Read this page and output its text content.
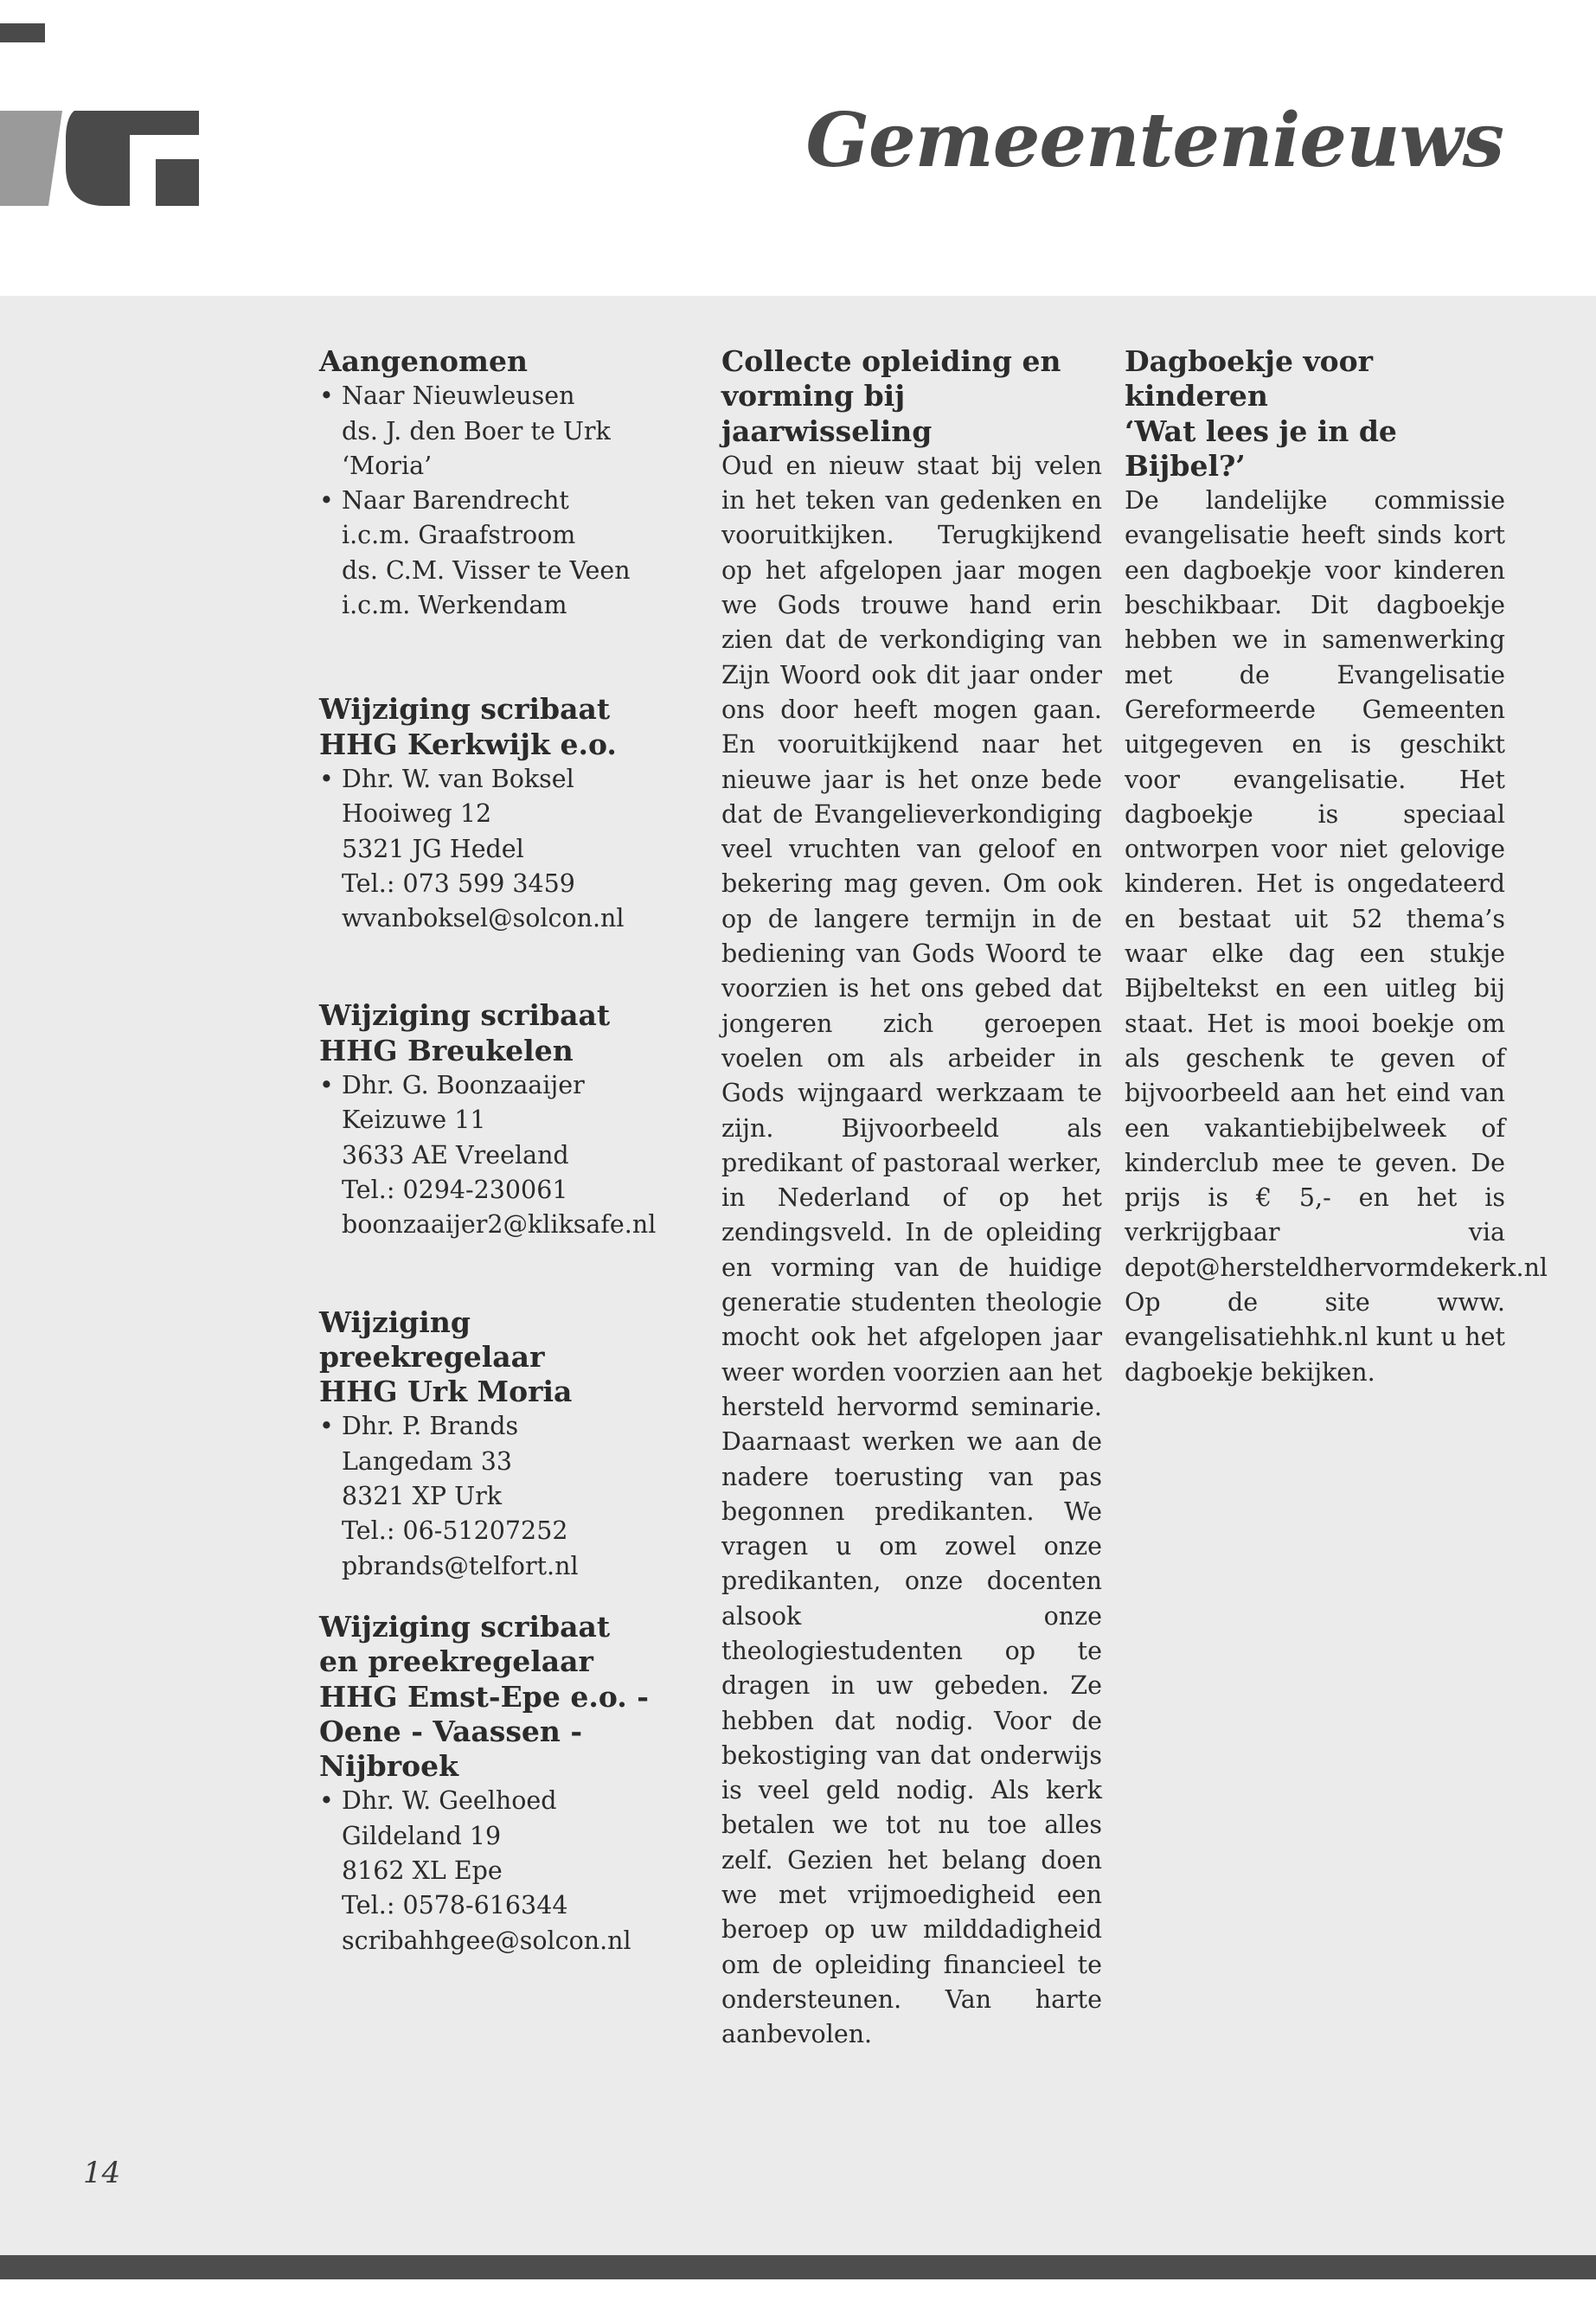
Gemeentenieuws
Aangenomen
• Naar Nieuwleusen
ds. J. den Boer te Urk ‘Moria’
• Naar Barendrecht
i.c.m. Graafstroom
ds. C.M. Visser te Veen
i.c.m. Werkendam
Wijziging scribaat
HHG Kerkwijk e.o.
• Dhr. W. van Boksel
Hooiweg 12
5321 JG Hedel
Tel.: 073 599 3459
wvanboksel@solcon.nl
Wijziging scribaat
HHG Breukelen
• Dhr. G. Boonzaaijer
Keizuwe 11
3633 AE Vreeland
Tel.: 0294-230061
boonzaaijer2@kliksafe.nl
Wijziging preekregelaar
HHG Urk Moria
• Dhr. P. Brands
Langedam 33
8321 XP Urk
Tel.: 06-51207252
pbrands@telfort.nl
Wijziging scribaat
en preekregelaar
HHG Emst-Epe e.o. -
Oene - Vaassen - Nijbroek
• Dhr. W. Geelhoed
Gildeland 19
8162 XL Epe
Tel.: 0578-616344
scribahhgee@solcon.nl
Collecte opleiding en
vorming bij jaarwisseling

Oud en nieuw staat bij velen in het teken van gedenken en vooruitkijken. Terugkijkend op het afgelopen jaar mogen we Gods trouwe hand erin zien dat de verkondiging van Zijn Woord ook dit jaar onder ons door heeft mogen gaan. En vooruitkijkend naar het nieuwe jaar is het onze bede dat de Evangelieverkondiging veel vruchten van geloof en bekering mag geven. Om ook op de langere termijn in de bediening van Gods Woord te voorzien is het ons gebed dat jongeren zich geroepen voelen om als arbeider in Gods wijngaard werkzaam te zijn. Bijvoorbeeld als predikant of pastoraal werker, in Nederland of op het zendingsveld. In de opleiding en vorming van de huidige generatie studenten theologie mocht ook het afgelopen jaar weer worden voorzien aan het hersteld hervormd seminarie. Daarnaast werken we aan de nadere toerusting van pas begonnen predikanten. We vragen u om zowel onze predikanten, onze docenten alsook onze theologiestudenten op te dragen in uw gebeden. Ze hebben dat nodig. Voor de bekostiging van dat onderwijs is veel geld nodig. Als kerk betalen we tot nu toe alles zelf. Gezien het belang doen we met vrijmoedigheid een beroep op uw milddadigheid om de opleiding financieel te ondersteunen. Van harte aanbevolen.

Dagboekje voor kinderen
‘Wat lees je in de Bijbel?’

De landelijke commissie evangelisatie heeft sinds kort een dagboekje voor kinderen beschikbaar. Dit dagboekje hebben we in samenwerking met de Evangelisatie Gereformeerde Gemeenten uitgegeven en is geschikt voor evangelisatie. Het dagboekje is speciaal ontworpen voor niet gelovige kinderen. Het is ongedateerd en bestaat uit 52 thema’s waar elke dag een stukje Bijbeltekst en een uitleg bij staat. Het is mooi boekje om als geschenk te geven of bijvoorbeeld aan het eind van een vakantiebijbelweek of kinderclub mee te geven. De prijs is € 5,- en het is verkrijgbaar via depot@hersteldhervormdekerk.nl Op de site www. evangelisatiehhk.nl kunt u het dagboekje bekijken.

14
